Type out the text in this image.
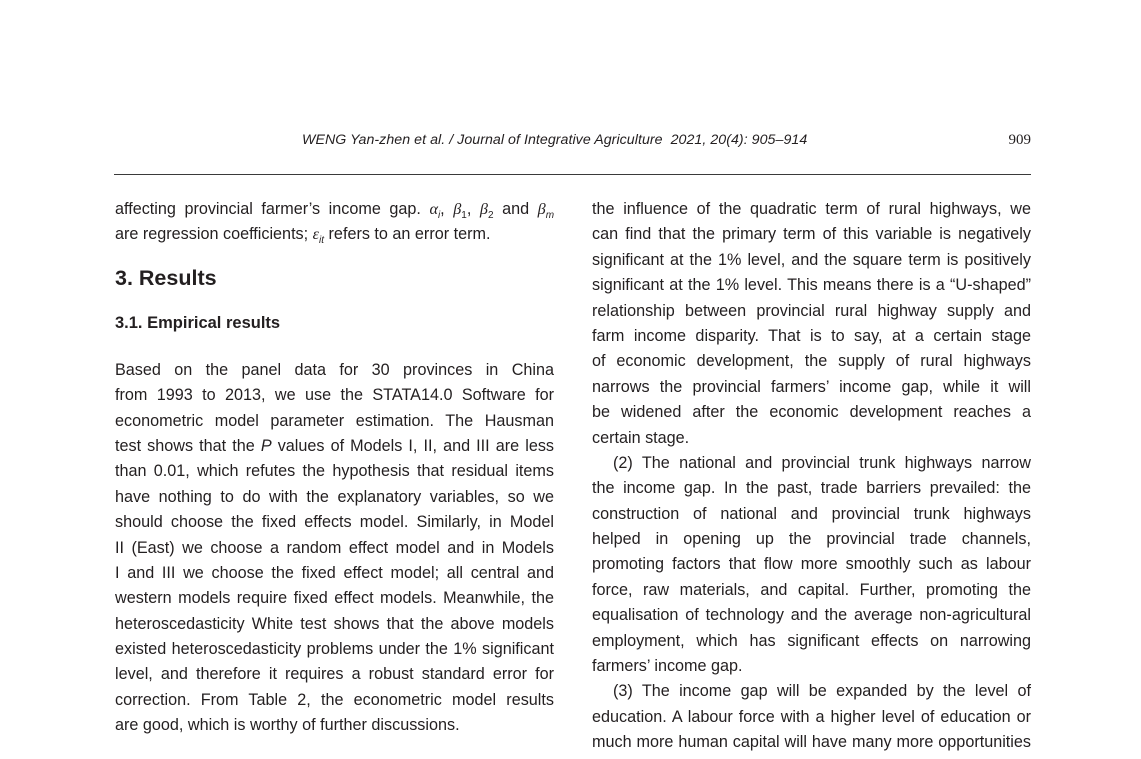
WENG Yan-zhen et al. / Journal of Integrative Agriculture  2021, 20(4): 905–914	909
affecting provincial farmer’s income gap. $\alpha_i$, $\beta_1$, $\beta_2$ and $\beta_m$
are regression coefficients; $\varepsilon_{it}$ refers to an error term.
3. Results
3.1. Empirical results
Based on the panel data for 30 provinces in China
from 1993 to 2013, we use the STATA14.0 Software for
econometric model parameter estimation. The Hausman
test shows that the P values of Models I, II, and III are less
than 0.01, which refutes the hypothesis that residual items
have nothing to do with the explanatory variables, so we
should choose the fixed effects model. Similarly, in Model
II (East) we choose a random effect model and in Models
I and III we choose the fixed effect model; all central and
western models require fixed effect models. Meanwhile, the
heteroscedasticity White test shows that the above models
existed heteroscedasticity problems under the 1% significant
level, and therefore it requires a robust standard error for
correction. From Table 2, the econometric model results
are good, which is worthy of further discussions.
the influence of the quadratic term of rural highways, we
can find that the primary term of this variable is negatively
significant at the 1% level, and the square term is positively
significant at the 1% level. This means there is a “U-shaped”
relationship between provincial rural highway supply and
farm income disparity. That is to say, at a certain stage
of economic development, the supply of rural highways
narrows the provincial farmers’ income gap, while it will
be widened after the economic development reaches a
certain stage.
(2) The national and provincial trunk highways narrow
the income gap. In the past, trade barriers prevailed: the
construction of national and provincial trunk highways
helped in opening up the provincial trade channels,
promoting factors that flow more smoothly such as labour
force, raw materials, and capital. Further, promoting the
equalisation of technology and the average non-agricultural
employment, which has significant effects on narrowing
farmers’ income gap.
(3) The income gap will be expanded by the level of
education. A labour force with a higher level of education or
much more human capital will have many more opportunities
